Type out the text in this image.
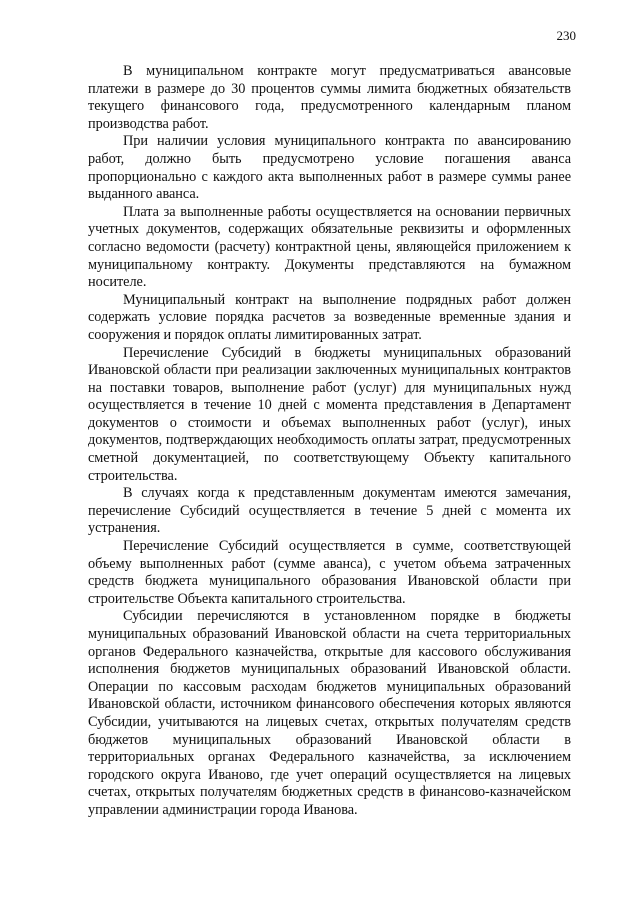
230

В муниципальном контракте могут предусматриваться авансовые платежи в размере до 30 процентов суммы лимита бюджетных обязательств текущего финансового года, предусмотренного календарным планом производства работ.

При наличии условия муниципального контракта по авансированию работ, должно быть предусмотрено условие погашения аванса пропорционально с каждого акта выполненных работ в размере суммы ранее выданного аванса.

Плата за выполненные работы осуществляется на основании первичных учетных документов, содержащих обязательные реквизиты и оформленных согласно ведомости (расчету) контрактной цены, являющейся приложением к муниципальному контракту. Документы представляются на бумажном носителе.

Муниципальный контракт на выполнение подрядных работ должен содержать условие порядка расчетов за возведенные временные здания и сооружения и порядок оплаты лимитированных затрат.

Перечисление Субсидий в бюджеты муниципальных образований Ивановской области при реализации заключенных муниципальных контрактов на поставки товаров, выполнение работ (услуг) для муниципальных нужд осуществляется в течение 10 дней с момента представления в Департамент документов о стоимости и объемах выполненных работ (услуг), иных документов, подтверждающих необходимость оплаты затрат, предусмотренных сметной документацией, по соответствующему Объекту капитального строительства.

В случаях когда к представленным документам имеются замечания, перечисление Субсидий осуществляется в течение 5 дней с момента их устранения.

Перечисление Субсидий осуществляется в сумме, соответствующей объему выполненных работ (сумме аванса), с учетом объема затраченных средств бюджета муниципального образования Ивановской области при строительстве Объекта капитального строительства.

Субсидии перечисляются в установленном порядке в бюджеты муниципальных образований Ивановской области на счета территориальных органов Федерального казначейства, открытые для кассового обслуживания исполнения бюджетов муниципальных образований Ивановской области. Операции по кассовым расходам бюджетов муниципальных образований Ивановской области, источником финансового обеспечения которых являются Субсидии, учитываются на лицевых счетах, открытых получателям средств бюджетов муниципальных образований Ивановской области в территориальных органах Федерального казначейства, за исключением городского округа Иваново, где учет операций осуществляется на лицевых счетах, открытых получателям бюджетных средств в финансово-казначейском управлении администрации города Иванова.
